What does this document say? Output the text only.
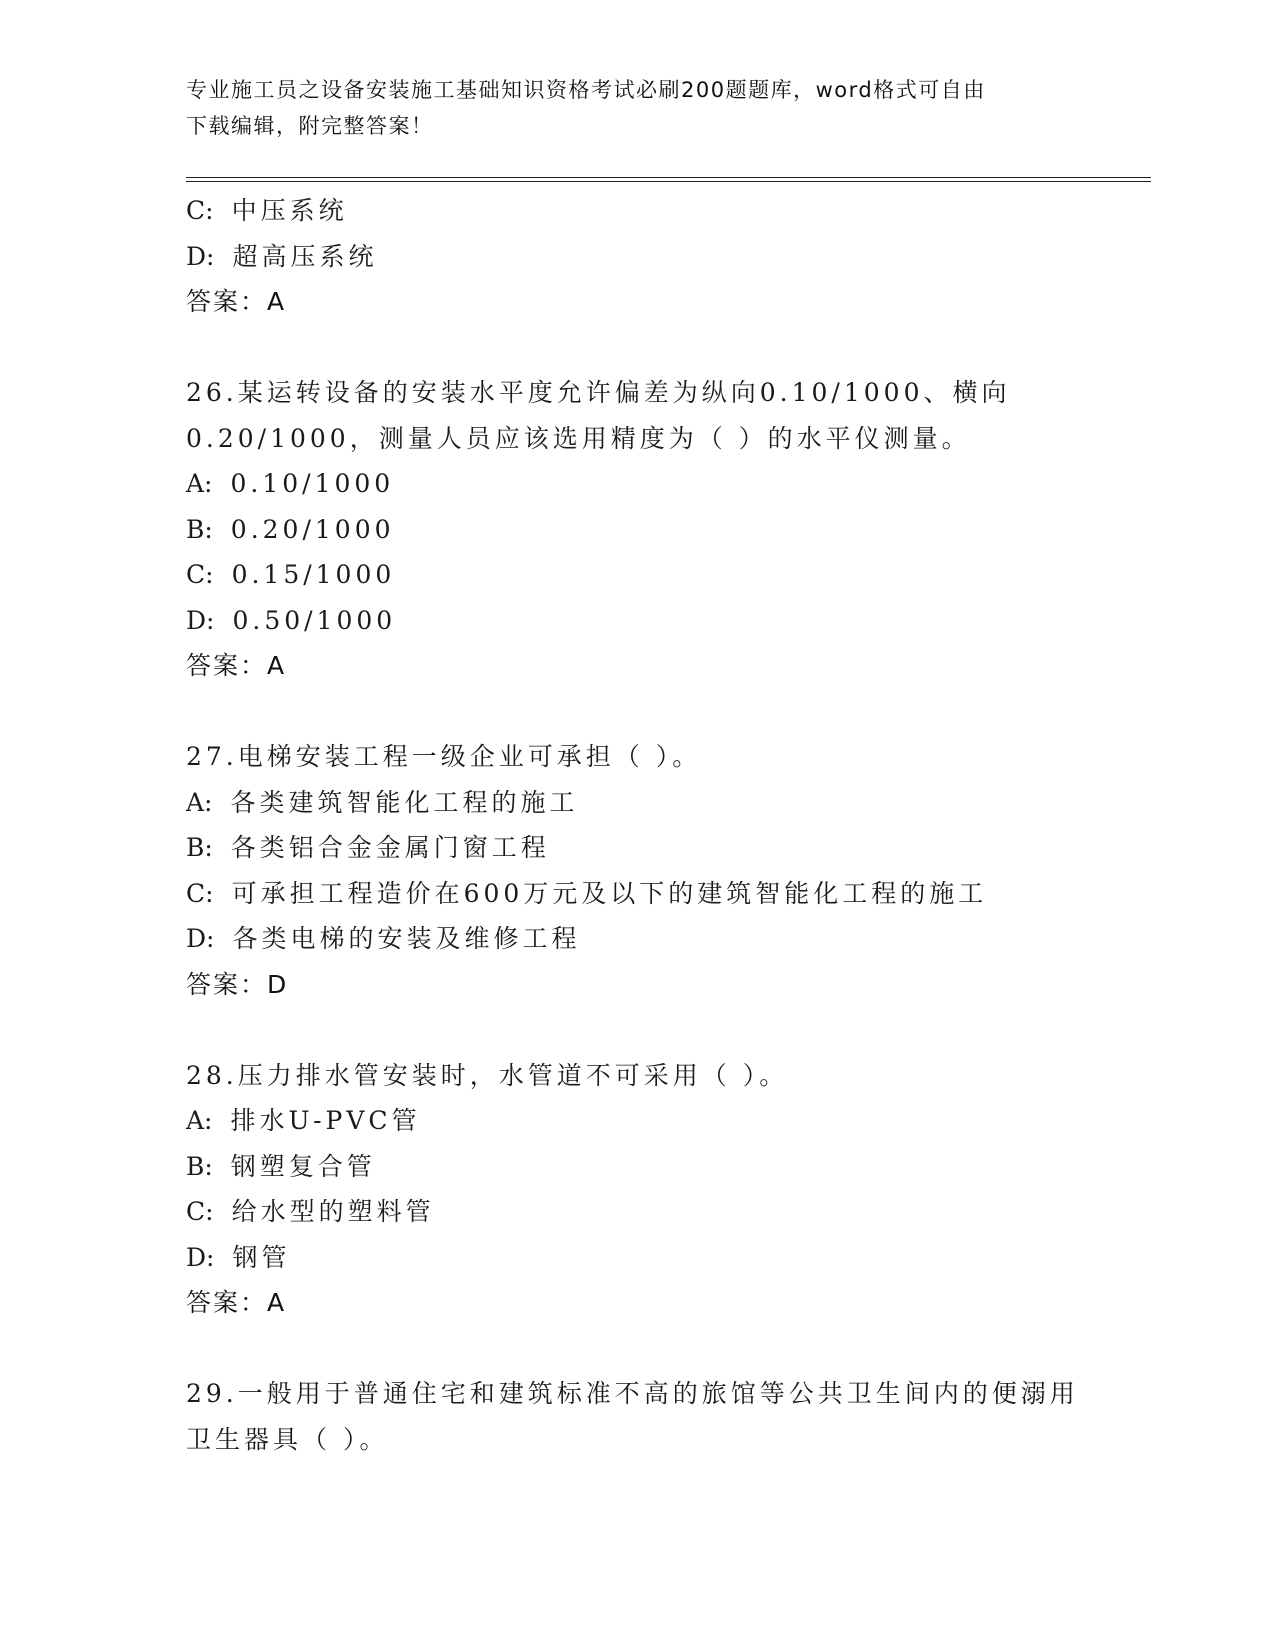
专业施工员之设备安装施工基础知识资格考试必刷200题题库，word格式可自由
下载编辑，附完整答案！
C: 中压系统
D: 超高压系统
答案：A
26.某运转设备的安装水平度允许偏差为纵向0.10/1000、横向
0.20/1000，测量人员应该选用精度为（ ）的水平仪测量。
A: 0.10/1000
B: 0.20/1000
C: 0.15/1000
D: 0.50/1000
答案：A
27.电梯安装工程一级企业可承担（ ）。
A: 各类建筑智能化工程的施工
B: 各类铝合金金属门窗工程
C: 可承担工程造价在600万元及以下的建筑智能化工程的施工
D: 各类电梯的安装及维修工程
答案：D
28.压力排水管安装时，水管道不可采用（ ）。
A: 排水U-PVC管
B: 钢塑复合管
C: 给水型的塑料管
D: 钢管
答案：A
29.一般用于普通住宅和建筑标准不高的旅馆等公共卫生间内的便溺用
卫生器具（ ）。
